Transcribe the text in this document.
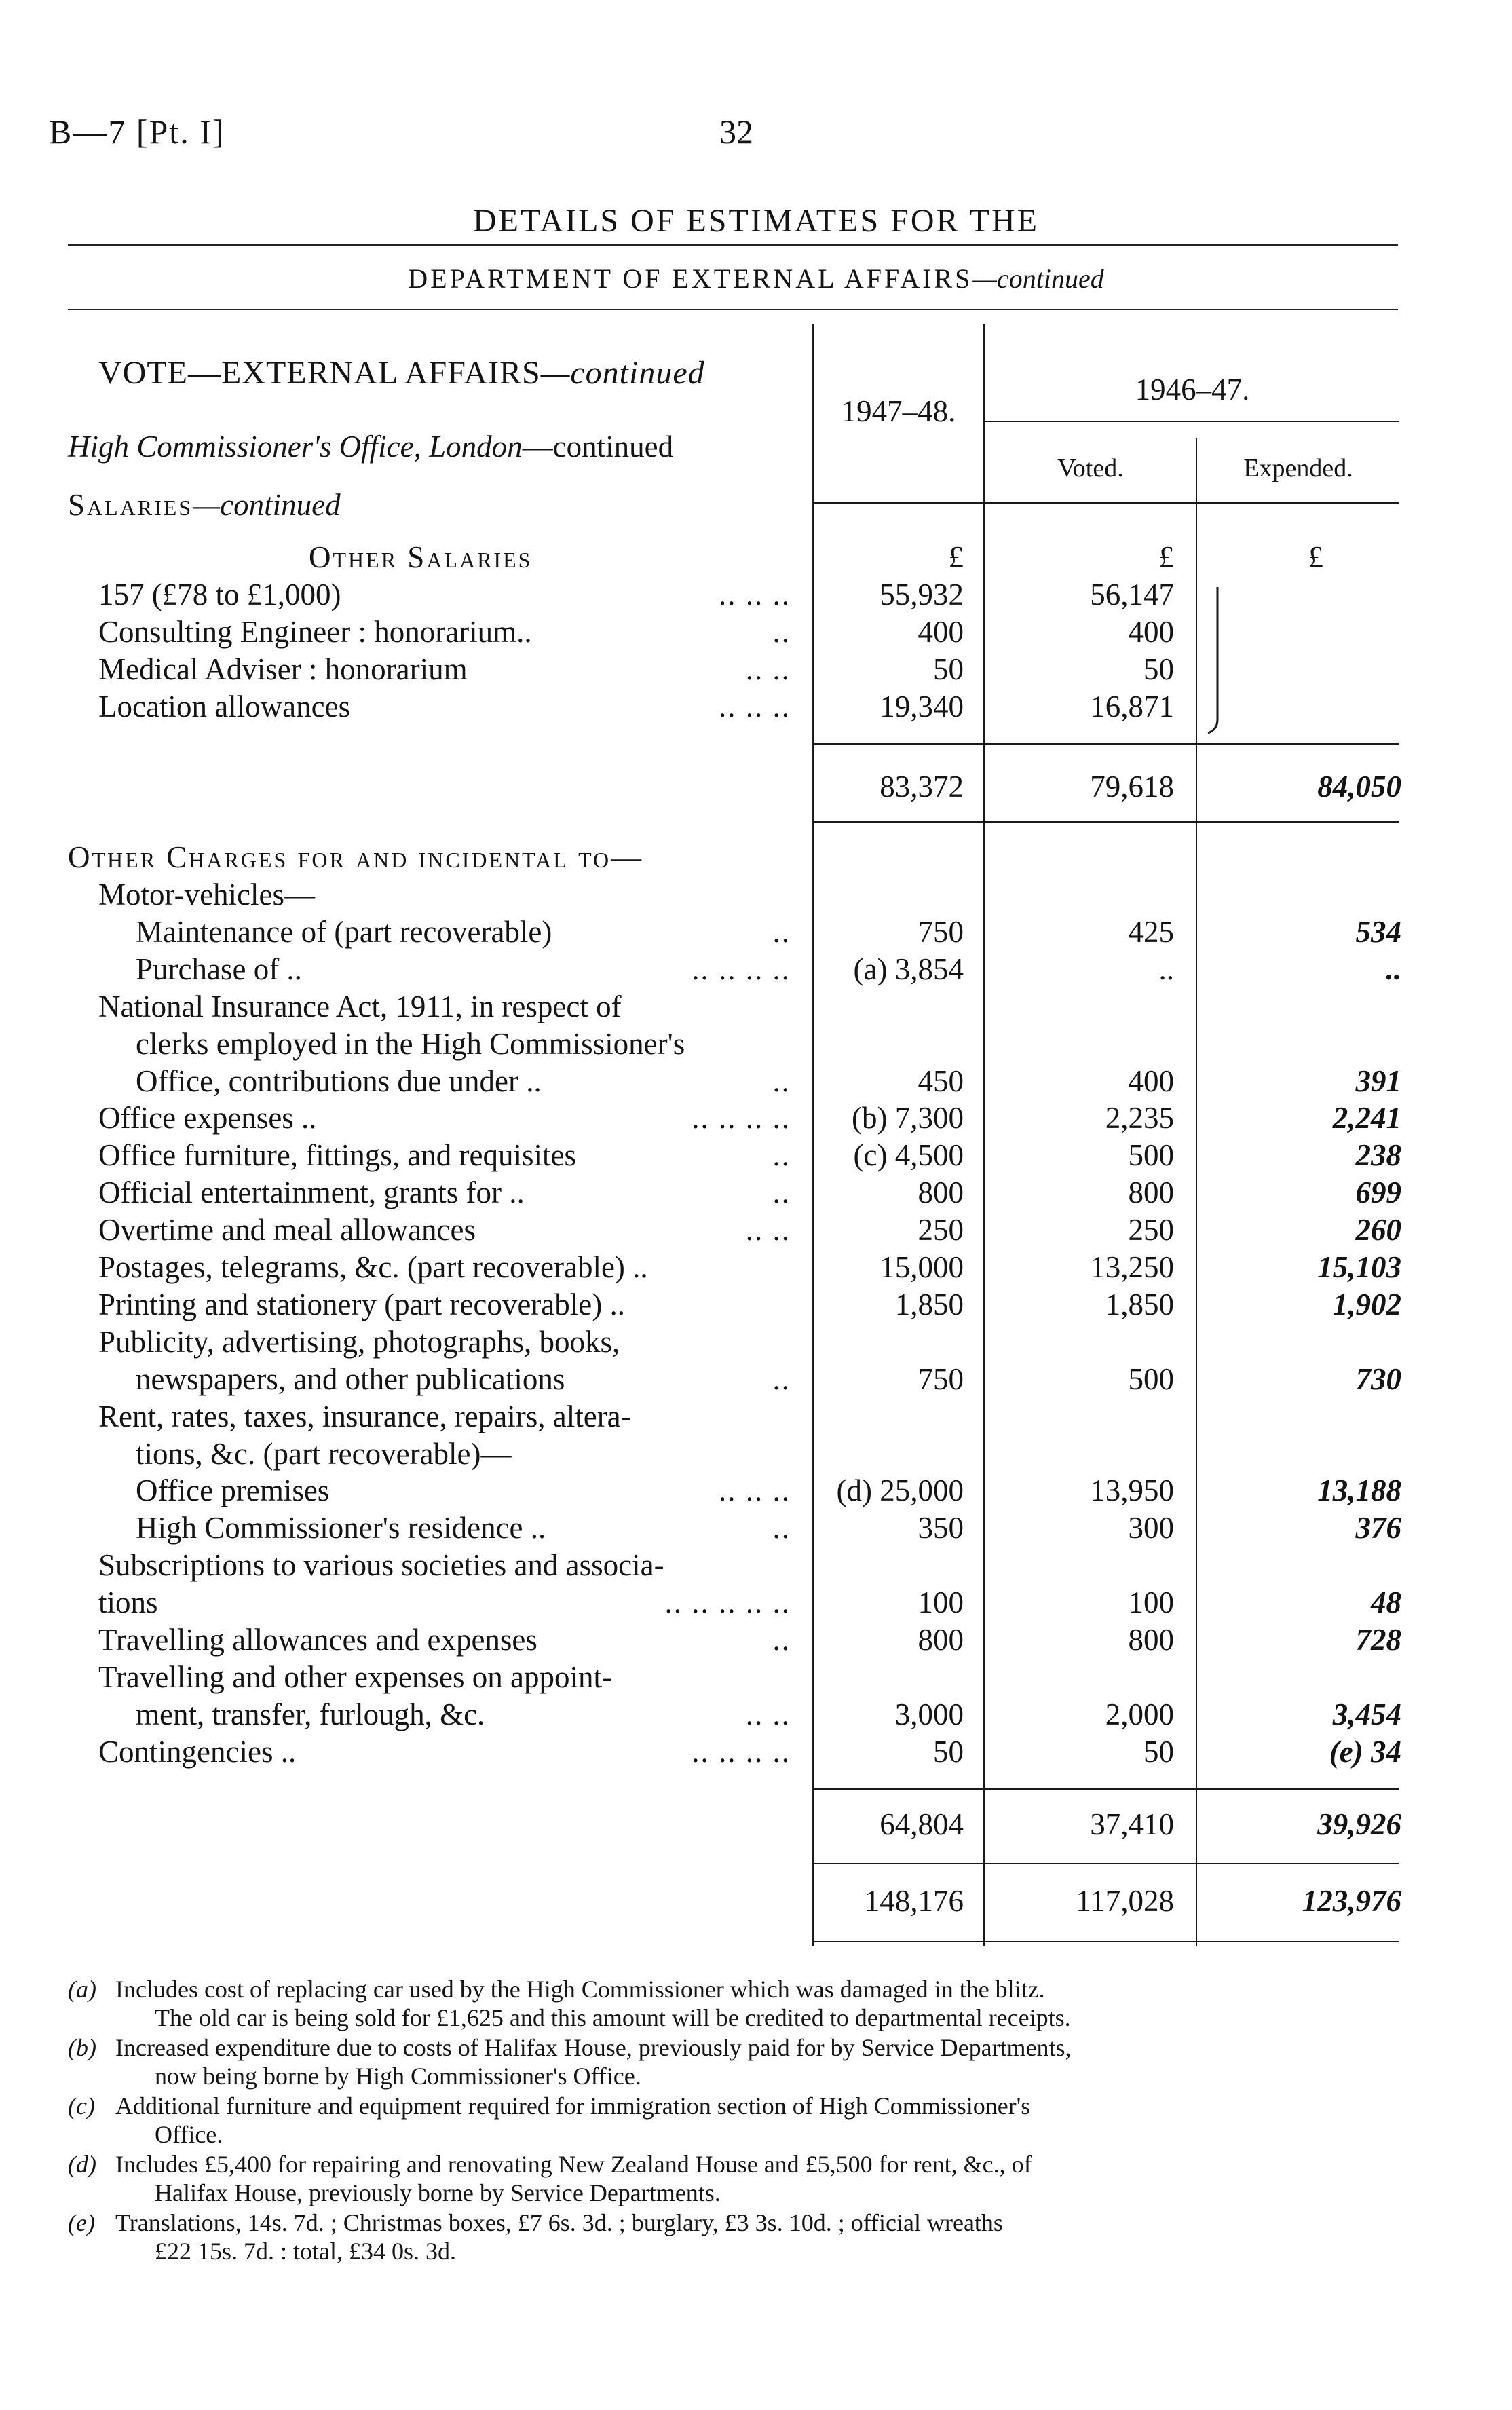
B—7 [Pt. I]	32
DETAILS OF ESTIMATES FOR THE
DEPARTMENT OF EXTERNAL AFFAIRS—continued
VOTE—EXTERNAL AFFAIRS—continued
High Commissioner's Office, London—continued
Salaries—continued
1947–48.
1946–47.
Voted.	Expended.
£	£	£
Other Salaries
157 (£78 to £1,000)	.. .. ..	55,932	56,147
Consulting Engineer : honorarium..	..	400	400
Medical Adviser : honorarium	.. ..	50	50
Location allowances	.. .. ..	19,340	16,871
83,372	79,618	84,050
Other Charges for and incidental to—
Motor-vehicles—
Maintenance of (part recoverable)	..	750	425	534
Purchase of ..	.. .. .. .. (a) 3,854	..	..
National Insurance Act, 1911, in respect of
clerks employed in the High Commissioner's
Office, contributions due under ..	..	450	400	391
Office expenses ..	.. .. .. .. (b) 7,300	2,235	2,241
Office furniture, fittings, and requisites	.. (c) 4,500	500	238
Official entertainment, grants for ..	..	800	800	699
Overtime and meal allowances	.. ..	250	250	260
Postages, telegrams, &c. (part recoverable) ..	15,000	13,250	15,103
Printing and stationery (part recoverable) ..	1,850	1,850	1,902
Publicity, advertising, photographs, books,
newspapers, and other publications	..	750	500	730
Rent, rates, taxes, insurance, repairs, altera-
tions, &c. (part recoverable)—
Office premises	.. .. .. (d) 25,000	13,950	13,188
High Commissioner's residence ..	..	350	300	376
Subscriptions to various societies and associa-
tions	.. .. .. .. ..	100	100	48
Travelling allowances and expenses	..	800	800	728
Travelling and other expenses on appoint-
ment, transfer, furlough, &c.	.. ..	3,000	2,000	3,454
Contingencies ..	.. .. .. ..	50	50	(e) 34
64,804	37,410	39,926
148,176	117,028	123,976
(a) Includes cost of replacing car used by the High Commissioner which was damaged in the blitz.
The old car is being sold for £1,625 and this amount will be credited to departmental receipts.
(b) Increased expenditure due to costs of Halifax House, previously paid for by Service Departments,
now being borne by High Commissioner's Office.
(c) Additional furniture and equipment required for immigration section of High Commissioner's
Office.
(d) Includes £5,400 for repairing and renovating New Zealand House and £5,500 for rent, &c., of
Halifax House, previously borne by Service Departments.
(e) Translations, 14s. 7d. ; Christmas boxes, £7 6s. 3d. ; burglary, £3 3s. 10d. ; official wreaths
£22 15s. 7d. : total, £34 0s. 3d.
